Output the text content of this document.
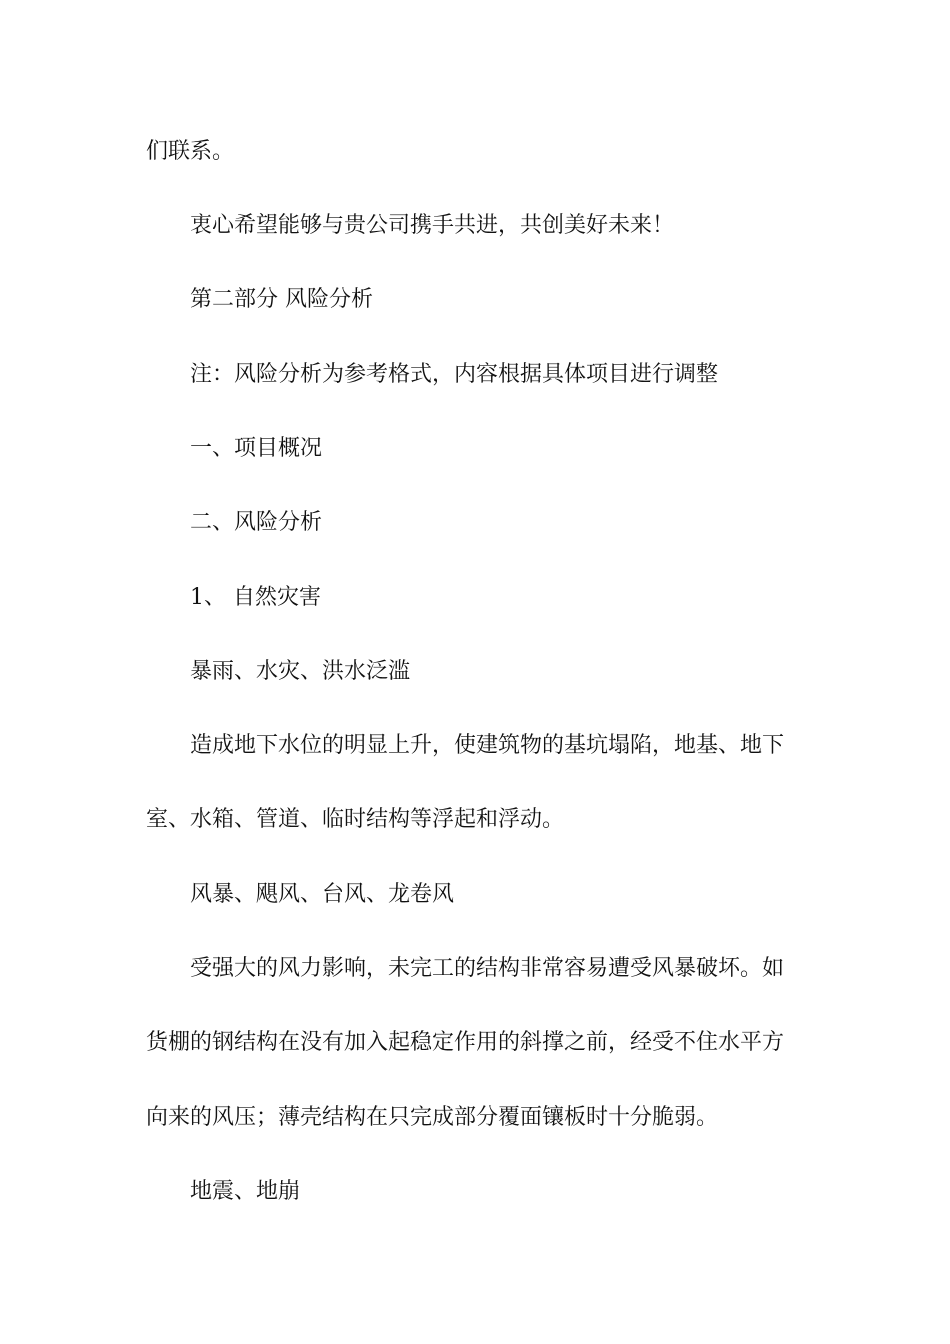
们联系。
衷心希望能够与贵公司携手共进，共创美好未来！
第二部分 风险分析
注：风险分析为参考格式，内容根据具体项目进行调整
一、项目概况
二、风险分析
1、 自然灾害
暴雨、水灾、洪水泛滥
造成地下水位的明显上升，使建筑物的基坑塌陷，地基、地下
室、水箱、管道、临时结构等浮起和浮动。
风暴、飓风、台风、龙卷风
受强大的风力影响，未完工的结构非常容易遭受风暴破坏。如
货棚的钢结构在没有加入起稳定作用的斜撑之前，经受不住水平方
向来的风压；薄壳结构在只完成部分覆面镶板时十分脆弱。
地震、地崩
